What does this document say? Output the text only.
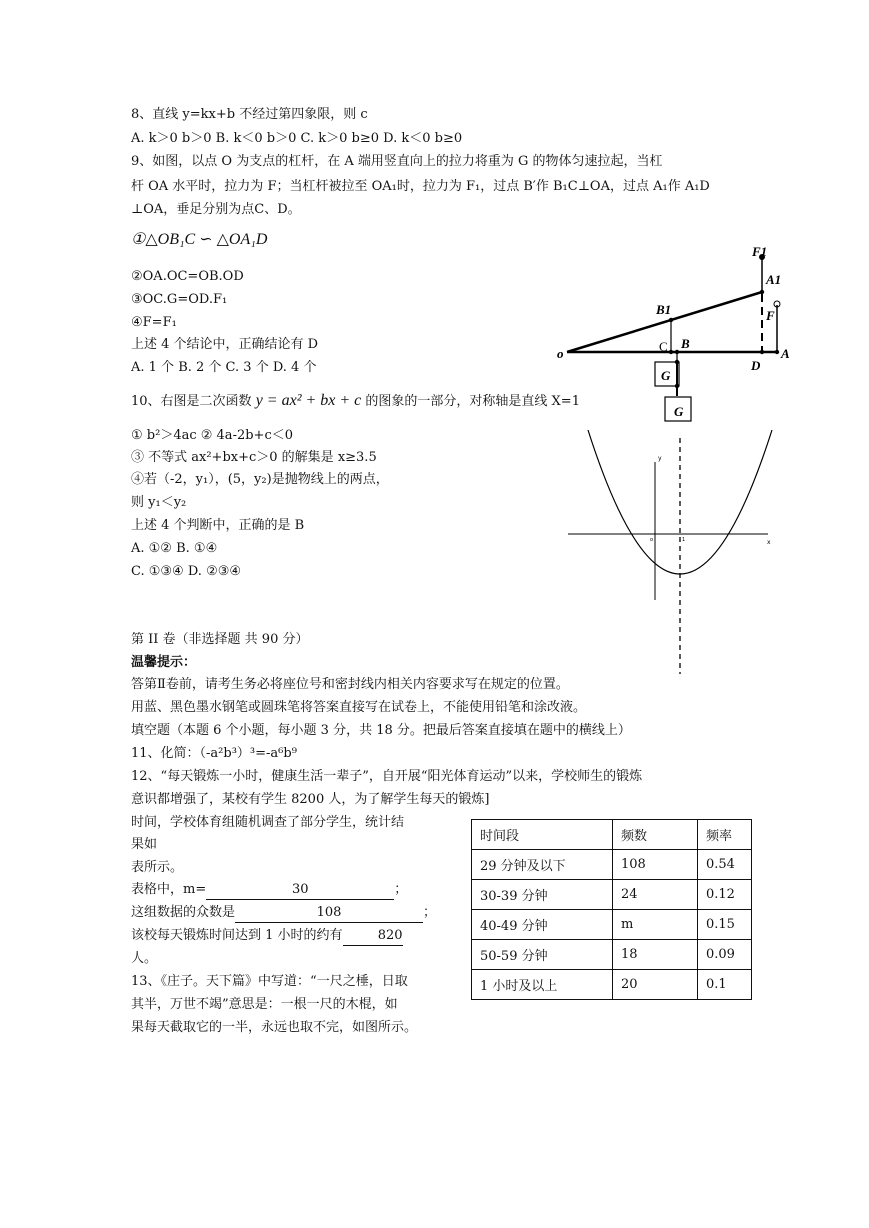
8、直线 y=kx+b 不经过第四象限，则 c
A. k＞0 b＞0 B. k＜0 b＞0 C. k＞0 b≥0 D. k＜0 b≥0
9、如图，以点 O 为支点的杠杆，在 A 端用竖直向上的拉力将重为 G 的物体匀速拉起，当杠
杆 OA 水平时，拉力为 F；当杠杆被拉至 OA₁时，拉力为 F₁，过点 B′作 B₁C⊥OA，过点 A₁作 A₁D
⊥OA，垂足分别为点C、D。
①△OB₁C ∽ △OA₁D
②OA.OC=OB.OD
③OC.G=OD.F₁
④F=F₁
上述 4 个结论中，正确结论有 D
A. 1 个 B. 2 个 C. 3 个 D. 4 个
F1
A1
F
B1
o	C B
D
A
G
G
10、右图是二次函数 y = ax² + bx + c 的图象的一部分，对称轴是直线 X=1
① b²＞4ac ② 4a-2b+c＜0
③ 不等式 ax²+bx+c＞0 的解集是 x≥3.5
④若（-2，y₁），(5，y₂)是抛物线上的两点，
则 y₁＜y₂
上述 4 个判断中，正确的是 B
A. ①② B. ①④
C. ①③④ D. ②③④
y
x
o	1
第 II 卷（非选择题 共 90 分）
温馨提示：
答第Ⅱ卷前，请考生务必将座位号和密封线内相关内容要求写在规定的位置。
用蓝、黑色墨水钢笔或圆珠笔将答案直接写在试卷上，不能使用铅笔和涂改液。
填空题（本题 6 个小题，每小题 3 分，共 18 分。把最后答案直接填在题中的横线上）
11、化简：（-a²b³）³=-a⁶b⁹
12、“每天锻炼一小时，健康生活一辈子”，自开展“阳光体育运动”以来，学校师生的锻炼
意识都增强了，某校有学生 8200 人，为了解学生每天的锻炼]
时间，学校体育组随机调查了部分学生，统计结
果如
表所示。
表格中，m=	30	；
这组数据的众数是	108	；
该校每天锻炼时间达到 1 小时的约有	820
人。
时间段	频数	频率
29 分钟及以下	108	0.54
30-39 分钟	24	0.12
40-49 分钟	m	0.15
50-59 分钟	18	0.09
1 小时及以上	20	0.1
13、《庄子。天下篇》中写道：“一尺之棰，日取
其半，万世不竭”意思是：一根一尺的木棍，如
果每天截取它的一半，永远也取不完，如图所示。
